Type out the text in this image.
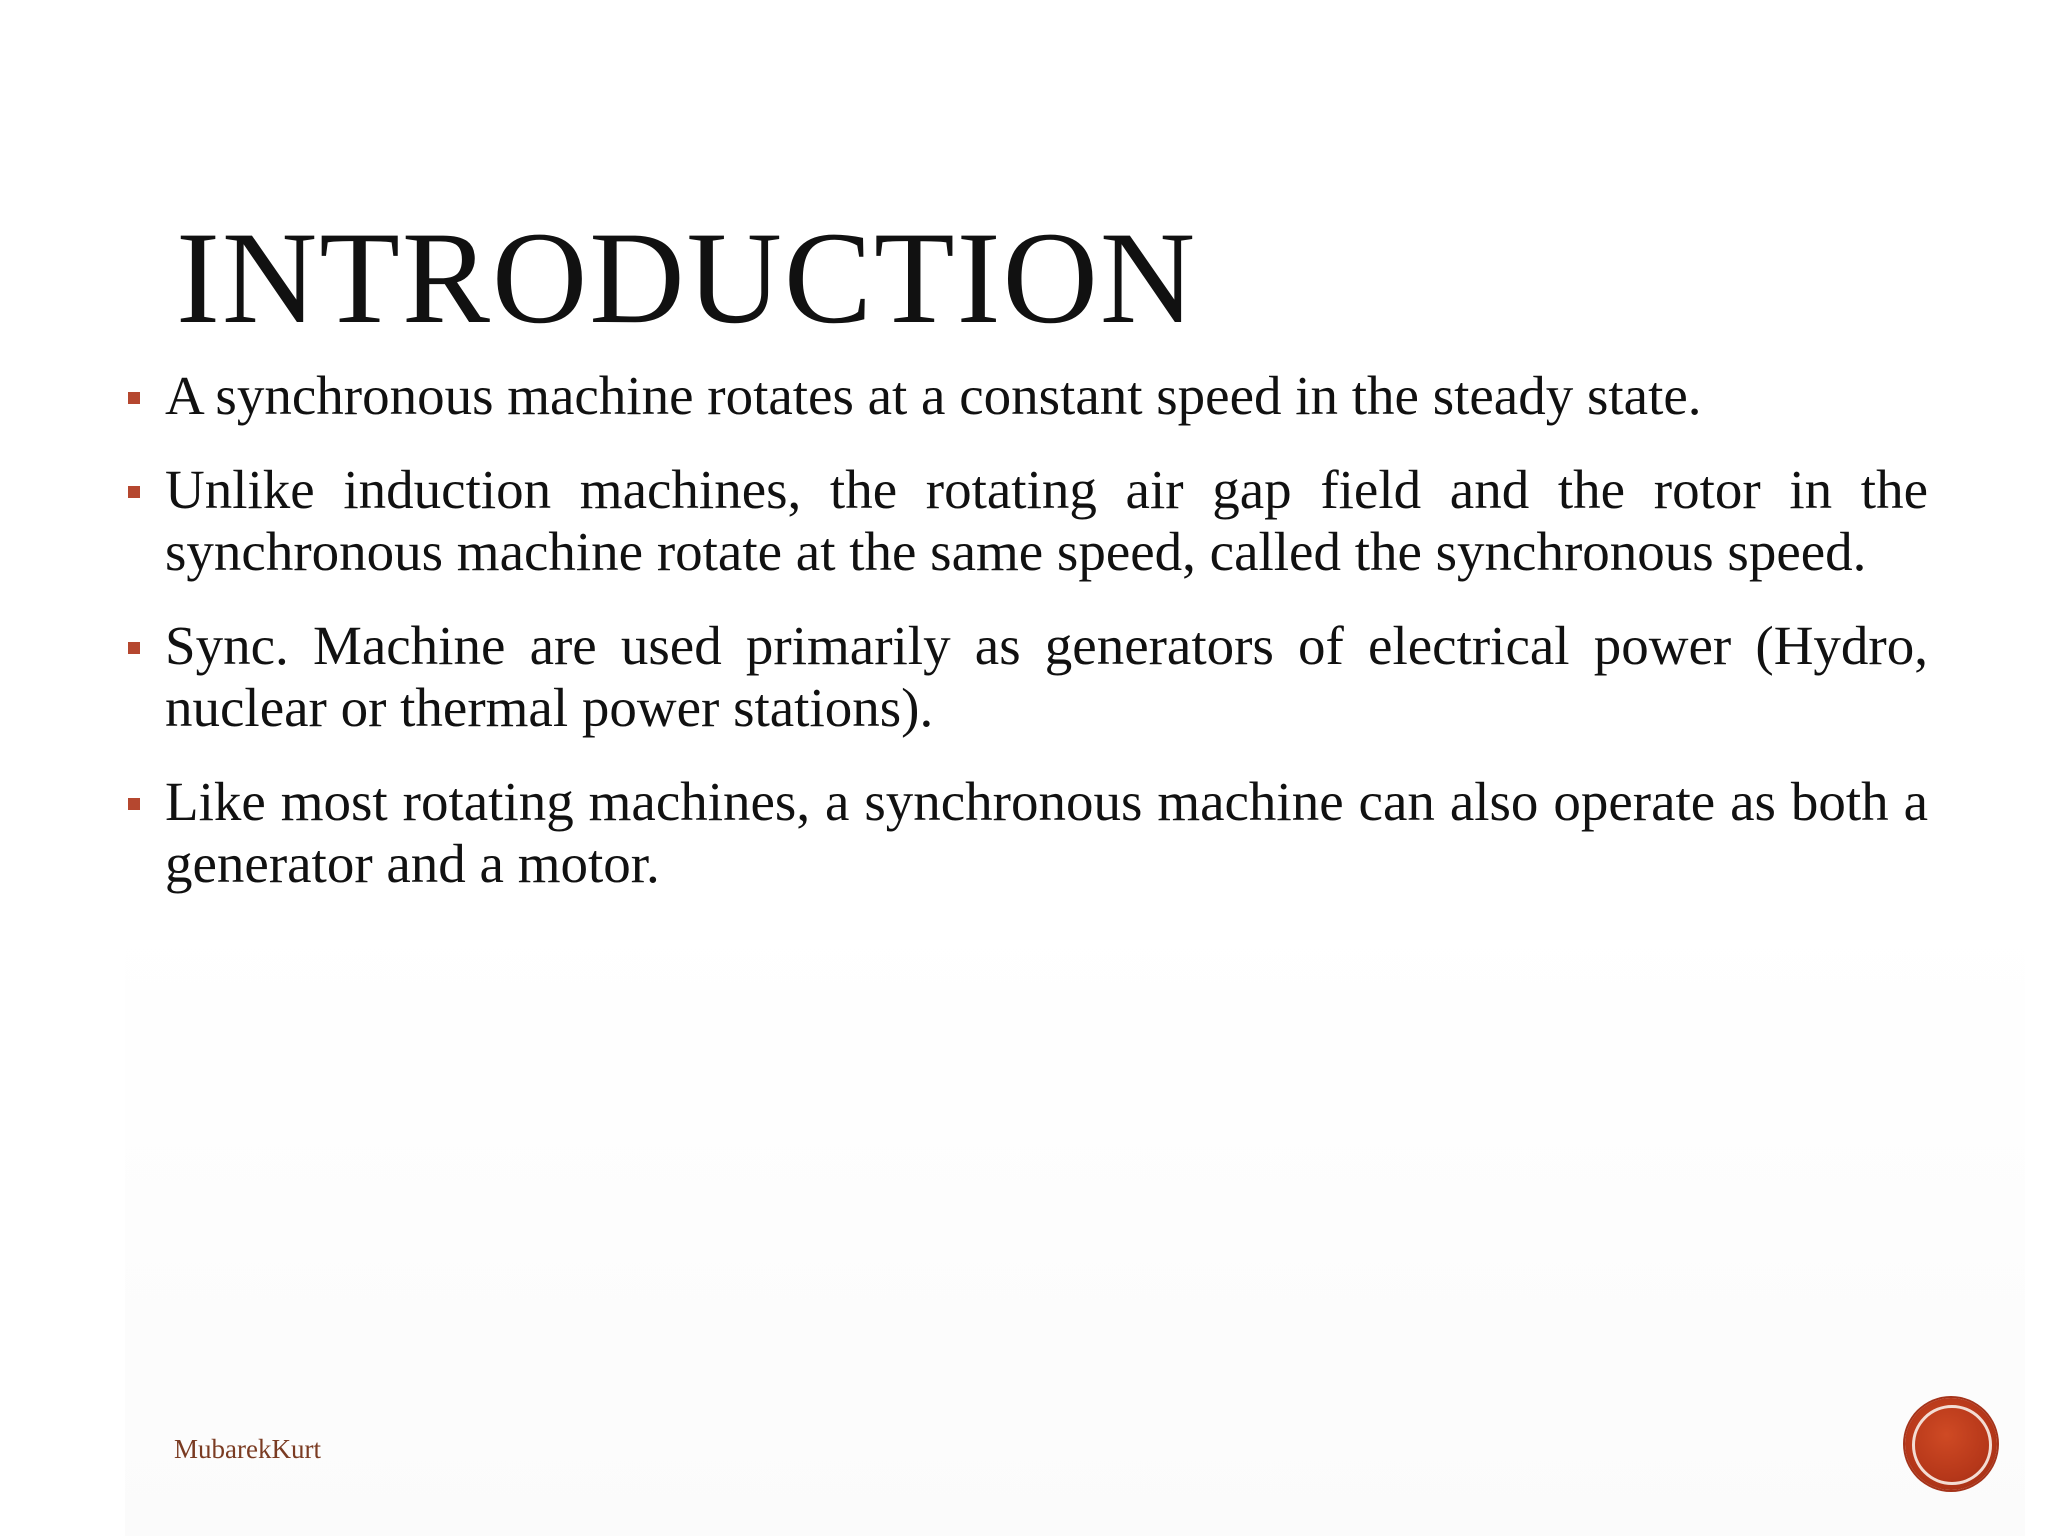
INTRODUCTION
A synchronous machine rotates at a constant speed in the steady state.
Unlike induction machines, the rotating air gap field and the rotor in the synchronous machine rotate at the same speed, called the synchronous speed.
Sync. Machine are used primarily as generators of electrical power (Hydro, nuclear or thermal power stations).
Like most rotating machines, a synchronous machine can also operate as both a generator and a motor.
MubarekKurt
